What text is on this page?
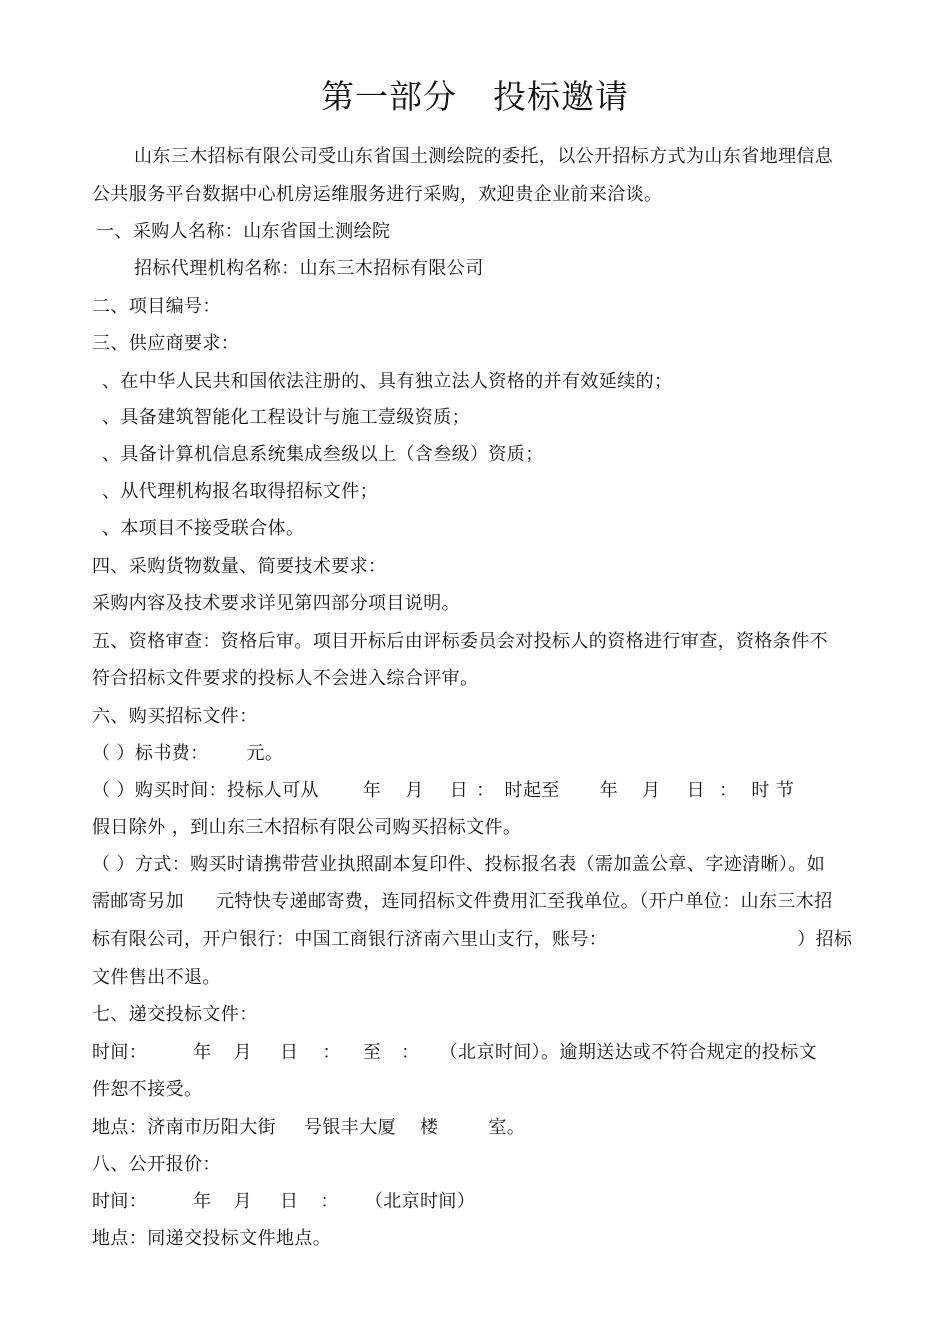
第一部分 投标邀请
山东三木招标有限公司受山东省国土测绘院的委托，以公开招标方式为山东省地理信息
公共服务平台数据中心机房运维服务进行采购，欢迎贵企业前来洽谈。
一、采购人名称：山东省国土测绘院
招标代理机构名称：山东三木招标有限公司
二、项目编号：
三、供应商要求：
、在中华人民共和国依法注册的、具有独立法人资格的并有效延续的；
、具备建筑智能化工程设计与施工壹级资质；
、具备计算机信息系统集成叁级以上（含叁级）资质；
、从代理机构报名取得招标文件；
、本项目不接受联合体。
四、采购货物数量、简要技术要求：
采购内容及技术要求详见第四部分项目说明。
五、资格审查：资格后审。项目开标后由评标委员会对投标人的资格进行审查，资格条件不
符合招标文件要求的投标人不会进入综合评审。
六、购买招标文件：
（ ）标书费： 元。
（ ）购买时间：投标人可从 年 月 日 ： 时起至 年 月 日 ： 时 节
假日除外 ，到山东三木招标有限公司购买招标文件。
（ ）方式：购买时请携带营业执照副本复印件、投标报名表（需加盖公章、字迹清晰）。如
需邮寄另加 元特快专递邮寄费，连同招标文件费用汇至我单位。（开户单位：山东三木招
标有限公司，开户银行：中国工商银行济南六里山支行，账号：	）招标
文件售出不退。
七、递交投标文件：
时间：	年 月 日 ： 至 ： （北京时间）。逾期送达或不符合规定的投标文
件恕不接受。
地点：济南市历阳大街 号银丰大厦 楼	室。
八、公开报价：
时间：	年 月 日 ： （北京时间）
地点：同递交投标文件地点。
